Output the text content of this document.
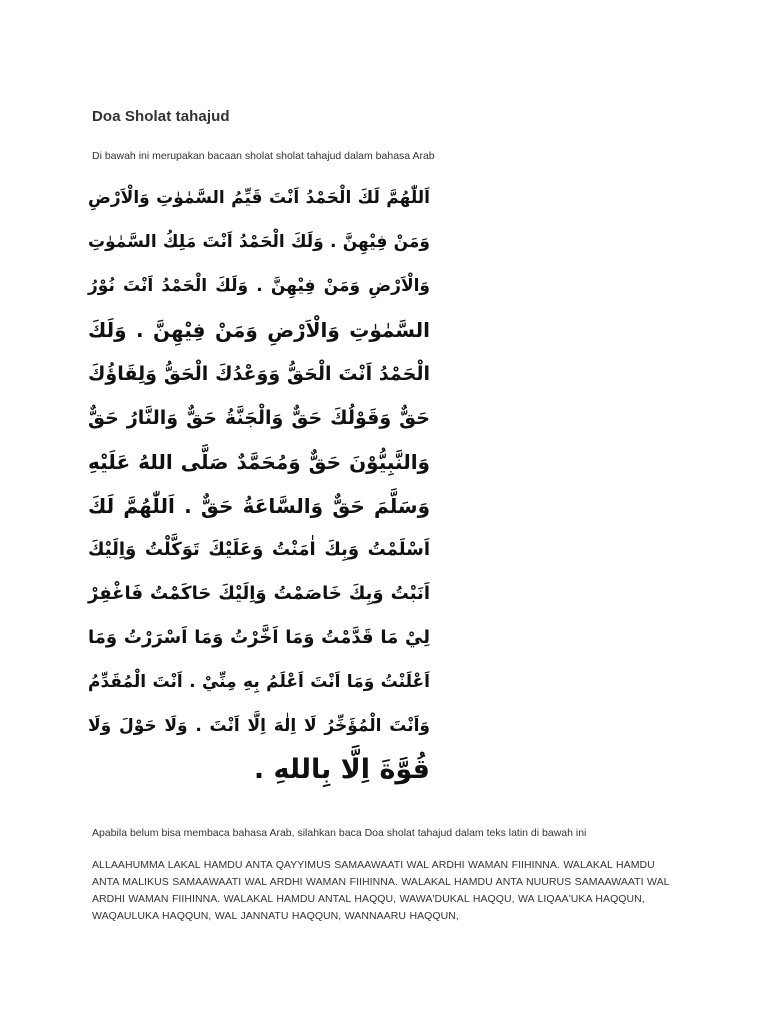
Doa Sholat tahajud

Di bawah ini merupakan bacaan sholat sholat tahajud dalam bahasa Arab

اَللّٰهُمَّ لَكَ الْحَمْدُ اَنْتَ قَيِّمُ السَّمٰوٰتِ وَالْاَرْضِ

وَمَنْ فِيْهِنَّ . وَلَكَ الْحَمْدُ اَنْتَ مَلِكُ السَّمٰوٰتِ

وَالْاَرْضِ وَمَنْ فِيْهِنَّ . وَلَكَ الْحَمْدُ اَنْتَ نُوْرُ

السَّمٰوٰتِ وَالْاَرْضِ وَمَنْ فِيْهِنَّ . وَلَكَ

الْحَمْدُ اَنْتَ الْحَقُّ وَوَعْدُكَ الْحَقُّ وَلِقَاؤُكَ

حَقٌّ وَقَوْلُكَ حَقٌّ وَالْجَنَّةُ حَقٌّ وَالنَّارُ حَقٌّ

وَالنَّبِيُّوْنَ حَقٌّ وَمُحَمَّدٌ صَلَّى اللهُ عَلَيْهِ

وَسَلَّمَ حَقٌّ وَالسَّاعَةُ حَقٌّ . اَللّٰهُمَّ لَكَ

اَسْلَمْتُ وَبِكَ اٰمَنْتُ وَعَلَيْكَ تَوَكَّلْتُ وَاِلَيْكَ

اَنَبْتُ وَبِكَ خَاصَمْتُ وَاِلَيْكَ حَاكَمْتُ فَاغْفِرْ

لِيْ مَا قَدَّمْتُ وَمَا اَخَّرْتُ وَمَا اَسْرَرْتُ وَمَا

اَعْلَنْتُ وَمَا اَنْتَ اَعْلَمُ بِهِ مِنِّيْ . اَنْتَ الْمُقَدِّمُ

وَاَنْتَ الْمُؤَخِّرُ لَا اِلٰهَ اِلَّا اَنْتَ . وَلَا حَوْلَ وَلَا

قُوَّةَ اِلَّا بِاللهِ .

Apabila belum bisa membaca bahasa Arab, silahkan baca Doa sholat tahajud dalam teks latin di bawah ini

ALLAAHUMMA LAKAL HAMDU ANTA QAYYIMUS SAMAAWAATI WAL ARDHI WAMAN FIIHINNA. WALAKAL HAMDU ANTA MALIKUS SAMAAWAATI WAL ARDHI WAMAN FIIHINNA. WALAKAL HAMDU ANTA NUURUS SAMAAWAATI WAL ARDHI WAMAN FIIHINNA. WALAKAL HAMDU ANTAL HAQQU, WAWA'DUKAL HAQQU, WA LIQAA'UKA HAQQUN, WAQAULUKA HAQQUN, WAL JANNATU HAQQUN, WANNAARU HAQQUN,
